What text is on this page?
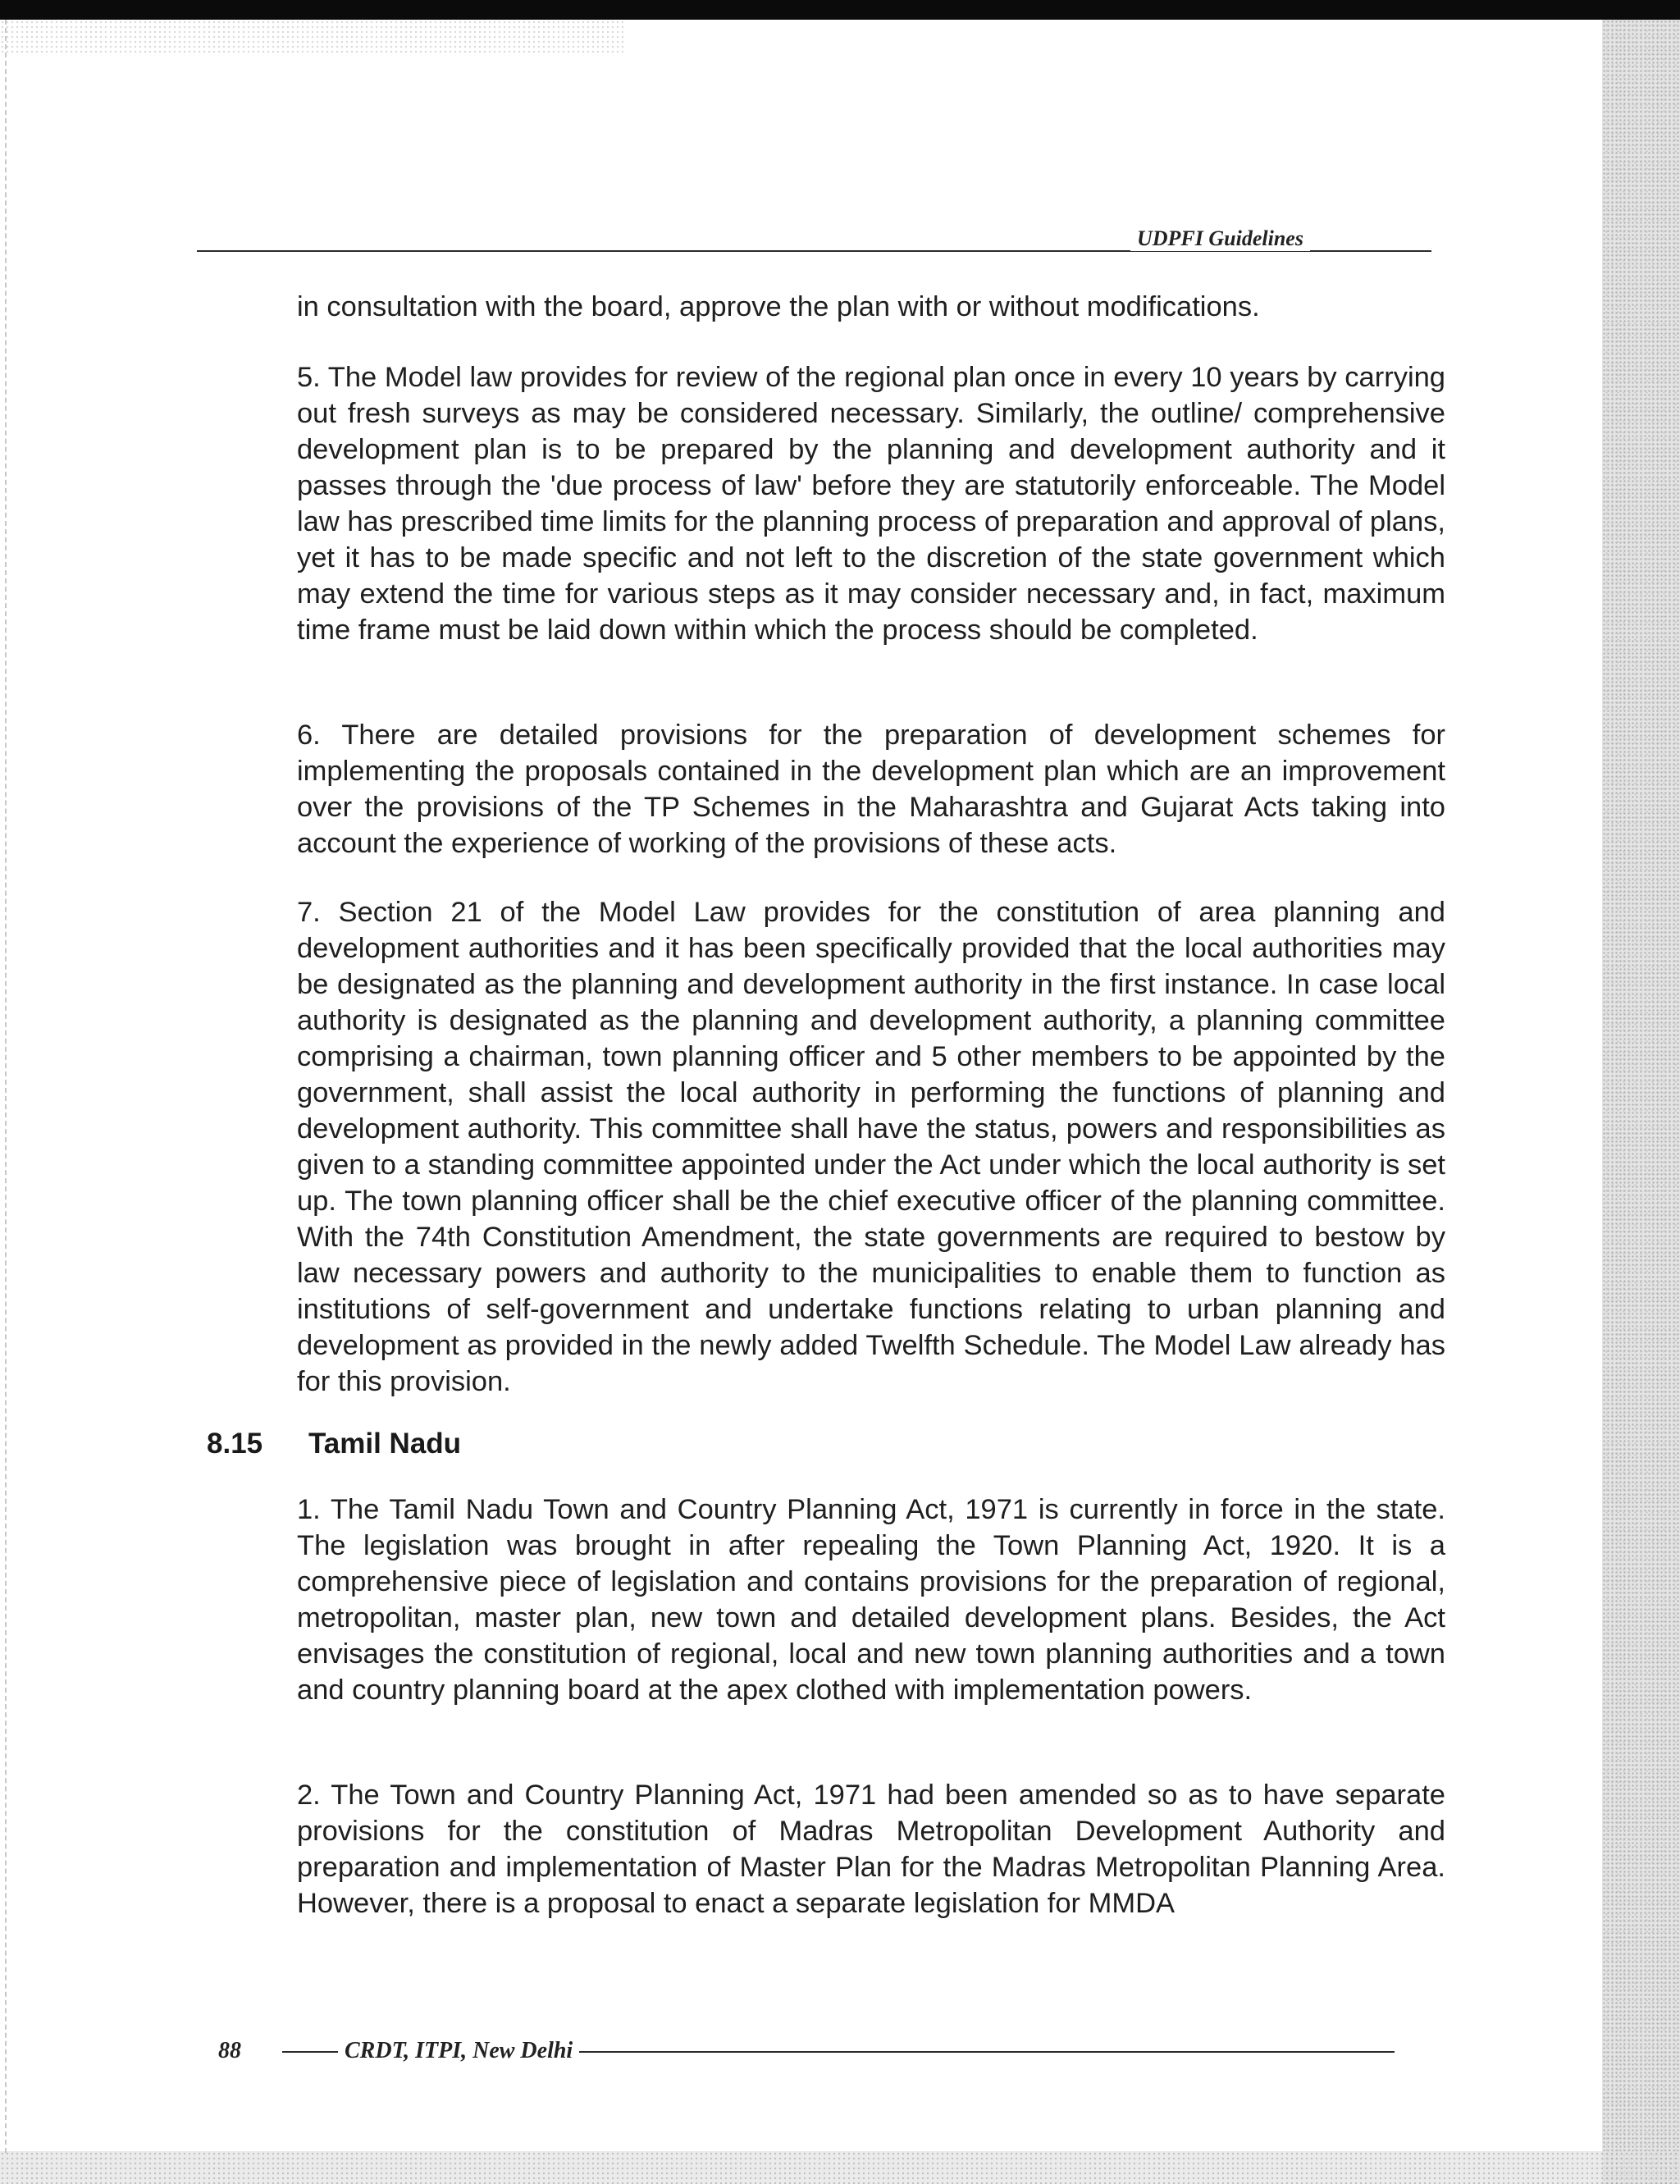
UDPFI Guidelines
in consultation with the board, approve the plan with or without modifications.
5. The Model law provides for review of the regional plan once in every 10 years by carrying out fresh surveys as may be considered necessary. Similarly, the outline/ comprehensive development plan is to be prepared by the planning and development authority and it passes through the 'due process of law' before they are statutorily enforceable. The Model law has prescribed time limits for the planning process of preparation and approval of plans, yet it has to be made specific and not left to the discretion of the state government which may extend the time for various steps as it may consider necessary and, in fact, maximum time frame must be laid down within which the process should be completed.
6. There are detailed provisions for the preparation of development schemes for implementing the proposals contained in the development plan which are an improvement over the provisions of the TP Schemes in the Maharashtra and Gujarat Acts taking into account the experience of working of the provisions of these acts.
7. Section 21 of the Model Law provides for the constitution of area planning and development authorities and it has been specifically provided that the local authorities may be designated as the planning and development authority in the first instance. In case local authority is designated as the planning and development authority, a planning committee comprising a chairman, town planning officer and 5 other members to be appointed by the government, shall assist the local authority in performing the functions of planning and development authority. This committee shall have the status, powers and responsibilities as given to a standing committee appointed under the Act under which the local authority is set up. The town planning officer shall be the chief executive officer of the planning committee. With the 74th Constitution Amendment, the state governments are required to bestow by law necessary powers and authority to the municipalities to enable them to function as institutions of self-government and undertake functions relating to urban planning and development as provided in the newly added Twelfth Schedule. The Model Law already has for this provision.
8.15 Tamil Nadu
1. The Tamil Nadu Town and Country Planning Act, 1971 is currently in force in the state. The legislation was brought in after repealing the Town Planning Act, 1920. It is a comprehensive piece of legislation and contains provisions for the preparation of regional, metropolitan, master plan, new town and detailed development plans. Besides, the Act envisages the constitution of regional, local and new town planning authorities and a town and country planning board at the apex clothed with implementation powers.
2. The Town and Country Planning Act, 1971 had been amended so as to have separate provisions for the constitution of Madras Metropolitan Development Authority and preparation and implementation of Master Plan for the Madras Metropolitan Planning Area. However, there is a proposal to enact a separate legislation for MMDA
88	CRDT, ITPI, New Delhi
